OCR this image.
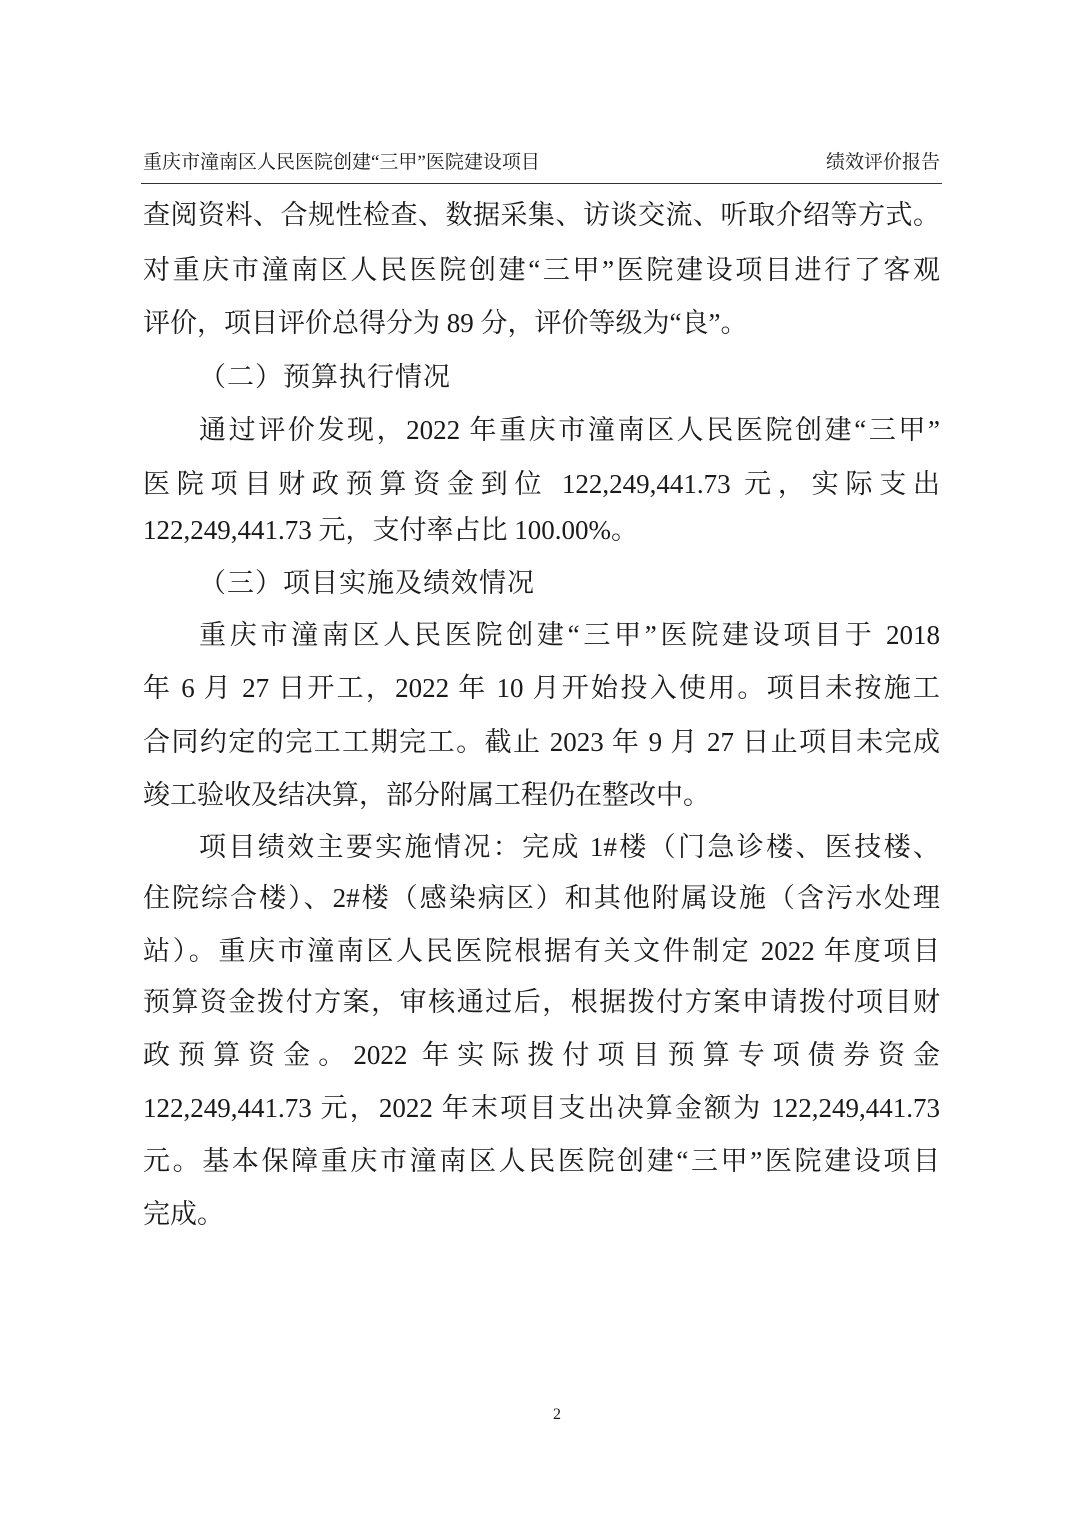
重庆市潼南区人民医院创建“三甲”医院建设项目	绩效评价报告
查阅资料、合规性检查、数据采集、访谈交流、听取介绍等方式。
对重庆市潼南区人民医院创建“三甲”医院建设项目进行了客观
评价，项目评价总得分为 89 分，评价等级为“良”。
（二）预算执行情况
通过评价发现，2022 年重庆市潼南区人民医院创建“三甲”
医院项目财政预算资金到位 122,249,441.73 元，实际支出
122,249,441.73 元，支付率占比 100.00%。
（三）项目实施及绩效情况
重庆市潼南区人民医院创建“三甲”医院建设项目于 2018
年 6 月 27 日开工，2022 年 10 月开始投入使用。项目未按施工
合同约定的完工工期完工。截止 2023 年 9 月 27 日止项目未完成
竣工验收及结决算，部分附属工程仍在整改中。
项目绩效主要实施情况：完成 1#楼（门急诊楼、医技楼、
住院综合楼）、2#楼（感染病区）和其他附属设施（含污水处理
站）。重庆市潼南区人民医院根据有关文件制定 2022 年度项目
预算资金拨付方案，审核通过后，根据拨付方案申请拨付项目财
政预算资金。2022 年实际拨付项目预算专项债券资金
122,249,441.73 元，2022 年末项目支出决算金额为 122,249,441.73
元。基本保障重庆市潼南区人民医院创建“三甲”医院建设项目
完成。
2
